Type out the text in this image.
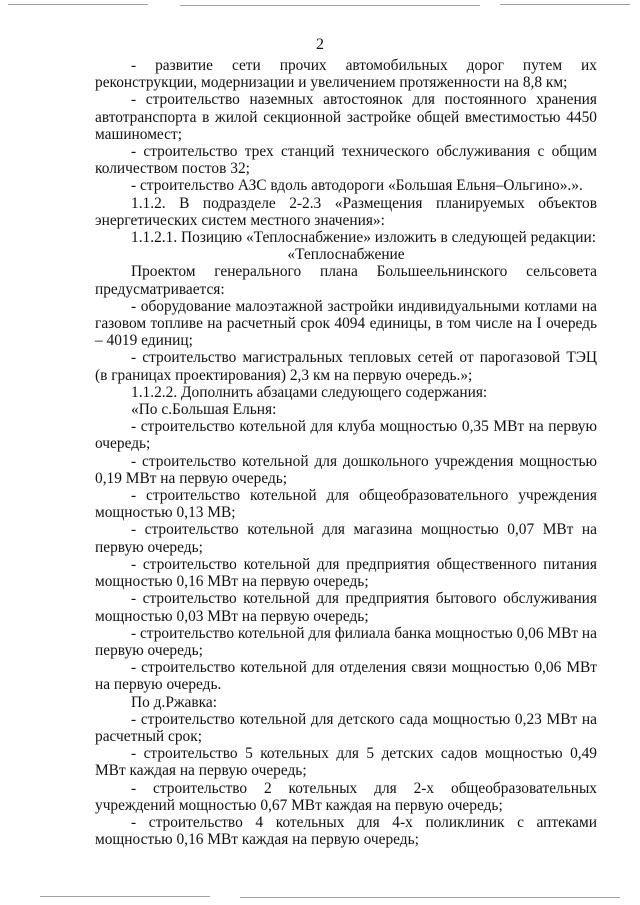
2

- развитие сети прочих автомобильных дорог путем их реконструкции, модернизации и увеличением протяженности на 8,8 км;

- строительство наземных автостоянок для постоянного хранения автотранспорта в жилой секционной застройке общей вместимостью 4450 машиномест;

- строительство трех станций технического обслуживания с общим количеством постов 32;

- строительство АЗС вдоль автодороги «Большая Ельня–Ольгино».».

1.1.2. В подразделе 2-2.3 «Размещения планируемых объектов энергетических систем местного значения»:

1.1.2.1. Позицию «Теплоснабжение» изложить в следующей редакции:

«Теплоснабжение

Проектом генерального плана Большеельнинского сельсовета предусматривается:

- оборудование малоэтажной застройки индивидуальными котлами на газовом топливе на расчетный срок 4094 единицы, в том числе на I очередь – 4019 единиц;

- строительство магистральных тепловых сетей от парогазовой ТЭЦ (в границах проектирования) 2,3 км на первую очередь.»;

1.1.2.2. Дополнить абзацами следующего содержания:

«По с.Большая Ельня:

- строительство котельной для клуба мощностью 0,35 МВт на первую очередь;

- строительство котельной для дошкольного учреждения мощностью 0,19 МВт на первую очередь;

- строительство котельной для общеобразовательного учреждения мощностью 0,13 МВ;

- строительство котельной для магазина мощностью 0,07 МВт на первую очередь;

- строительство котельной для предприятия общественного питания мощностью 0,16 МВт на первую очередь;

- строительство котельной для предприятия бытового обслуживания мощностью 0,03 МВт на первую очередь;

- строительство котельной для филиала банка мощностью 0,06 МВт на первую очередь;

- строительство котельной для отделения связи мощностью 0,06 МВт на первую очередь.

По д.Ржавка:

- строительство котельной для детского сада мощностью 0,23 МВт на расчетный срок;

- строительство 5 котельных для 5 детских садов мощностью 0,49 МВт каждая на первую очередь;

- строительство 2 котельных для 2-х общеобразовательных учреждений мощностью 0,67 МВт каждая на первую очередь;

- строительство 4 котельных для 4-х поликлиник с аптеками мощностью 0,16 МВт каждая на первую очередь;
